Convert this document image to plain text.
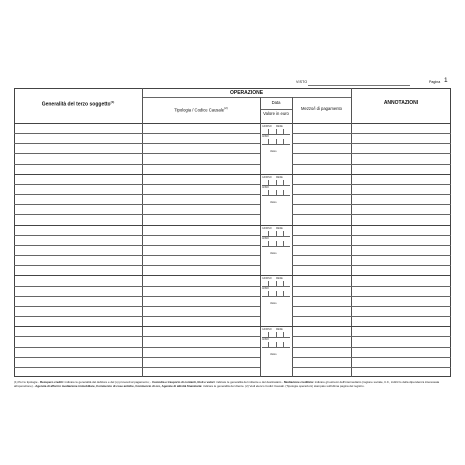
VISTO	Pagina 1
Generalità del terzo soggetto$^{(1)}$
OPERAZIONE
Tipologia / Codice Causale$^{(2)}$
Data
Valore in euro
Mezzo/i di pagamento
ANNOTAZIONI
GIORNO MESE
ANNO
Valore
GIORNO MESE
ANNO
Valore
GIORNO MESE
ANNO
Valore
GIORNO MESE
ANNO
Valore
GIORNO MESE
ANNO
Valore
(1) Per le tipologie - Recupero crediti: indicare le generalità del debitore e del (o) provvedi al pagamento; - Custodia e trasporto di contanti, titoli e valori: indicare le generalità del mittente e del destinatario - Mediazione creditizia: indicare gli estremi dell'intermediario (ragione sociale, C.F., indirizzo della dipendenza interessata all'operazione) - Agenzia di affari in mediazione immobiliare, Commercio di cose antiche, Commercio di oro, Agenzie di attività finanziaria: indicare le generalità del cliente. (2) Vedi elenco Codici Causali. (Tipologia operazioni) stampato sull'ultima pagina del registro.
